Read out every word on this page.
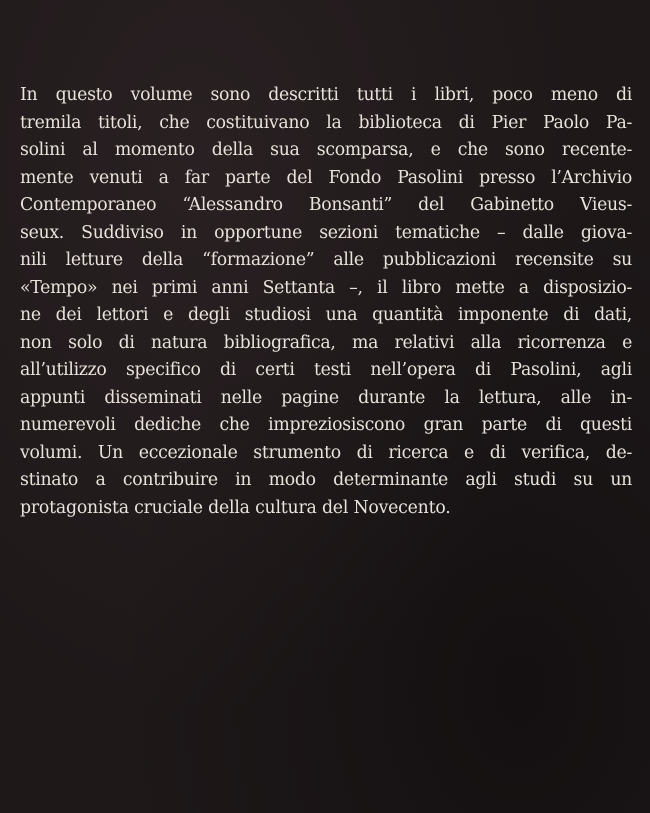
In questo volume sono descritti tutti i libri, poco meno di
tremila titoli, che costituivano la biblioteca di Pier Paolo Pa-
solini al momento della sua scomparsa, e che sono recente-
mente venuti a far parte del Fondo Pasolini presso l’Archivio
Contemporaneo “Alessandro Bonsanti” del Gabinetto Vieus-
seux. Suddiviso in opportune sezioni tematiche – dalle giova-
nili letture della “formazione” alle pubblicazioni recensite su
«Tempo» nei primi anni Settanta –, il libro mette a disposizio-
ne dei lettori e degli studiosi una quantità imponente di dati,
non solo di natura bibliografica, ma relativi alla ricorrenza e
all’utilizzo specifico di certi testi nell’opera di Pasolini, agli
appunti disseminati nelle pagine durante la lettura, alle in-
numerevoli dediche che impreziosiscono gran parte di questi
volumi. Un eccezionale strumento di ricerca e di verifica, de-
stinato a contribuire in modo determinante agli studi su un
protagonista cruciale della cultura del Novecento.
